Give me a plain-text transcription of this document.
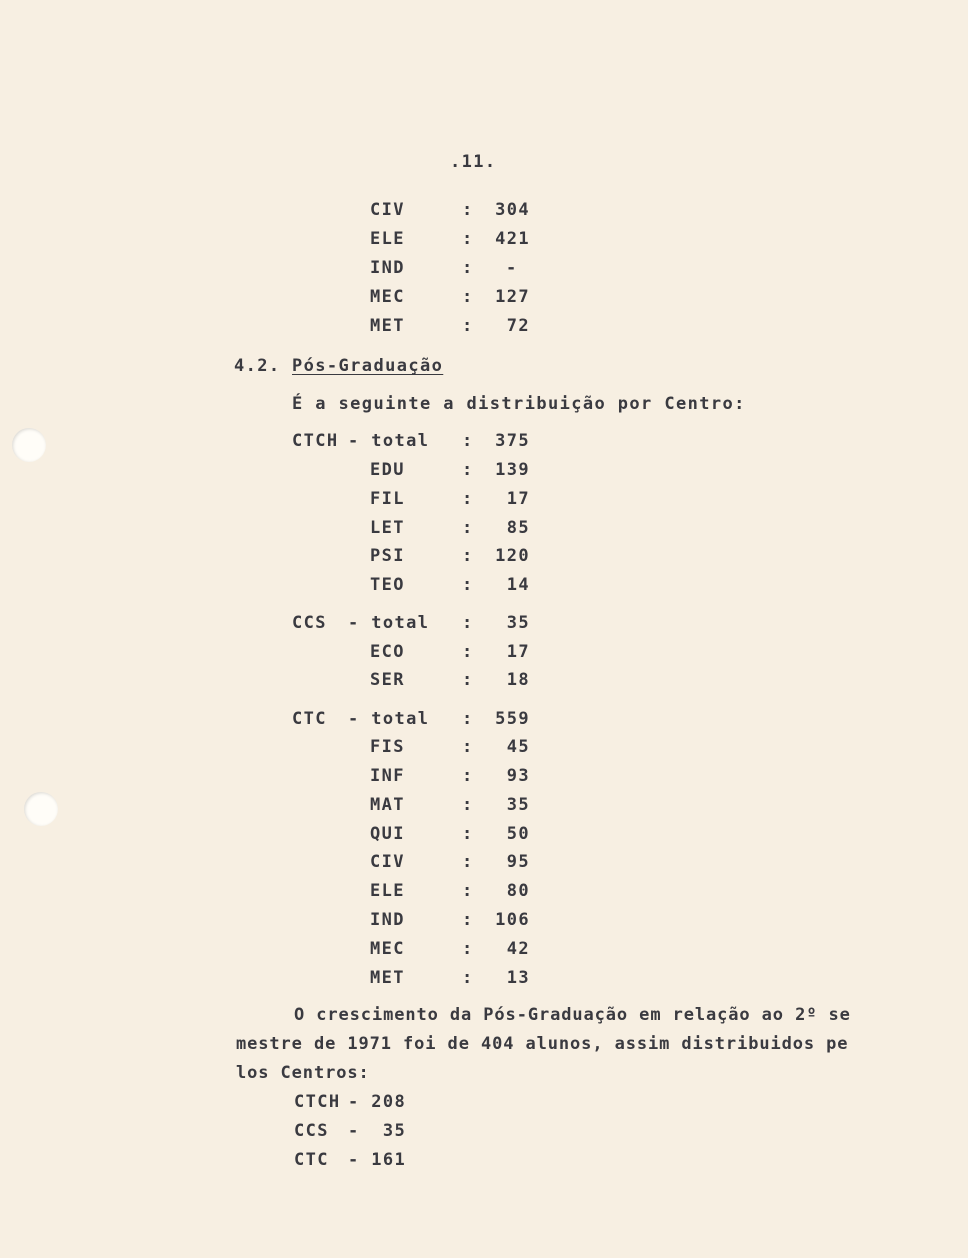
.11.
CIV	:	304
ELE	:	421
IND	: -
MEC	:	127
MET	:	72
4.2. Pós-Graduação
É a seguinte a distribuição por Centro:
CTCH - total :	375
EDU	:	139
FIL	:	17
LET	:	85
PSI	:	120
TEO	:	14
CCS - total :	35
ECO	:	17
SER	:	18
CTC - total :	559
FIS	:	45
INF	:	93
MAT	:	35
QUI	:	50
CIV	:	95
ELE	:	80
IND	:	106
MEC	:	42
MET	:	13
O crescimento da Pós-Graduação em relação ao 2º se
mestre de 1971 foi de 404 alunos, assim distribuidos pe
los Centros:
CTCH - 208
CCS -  35
CTC - 161
